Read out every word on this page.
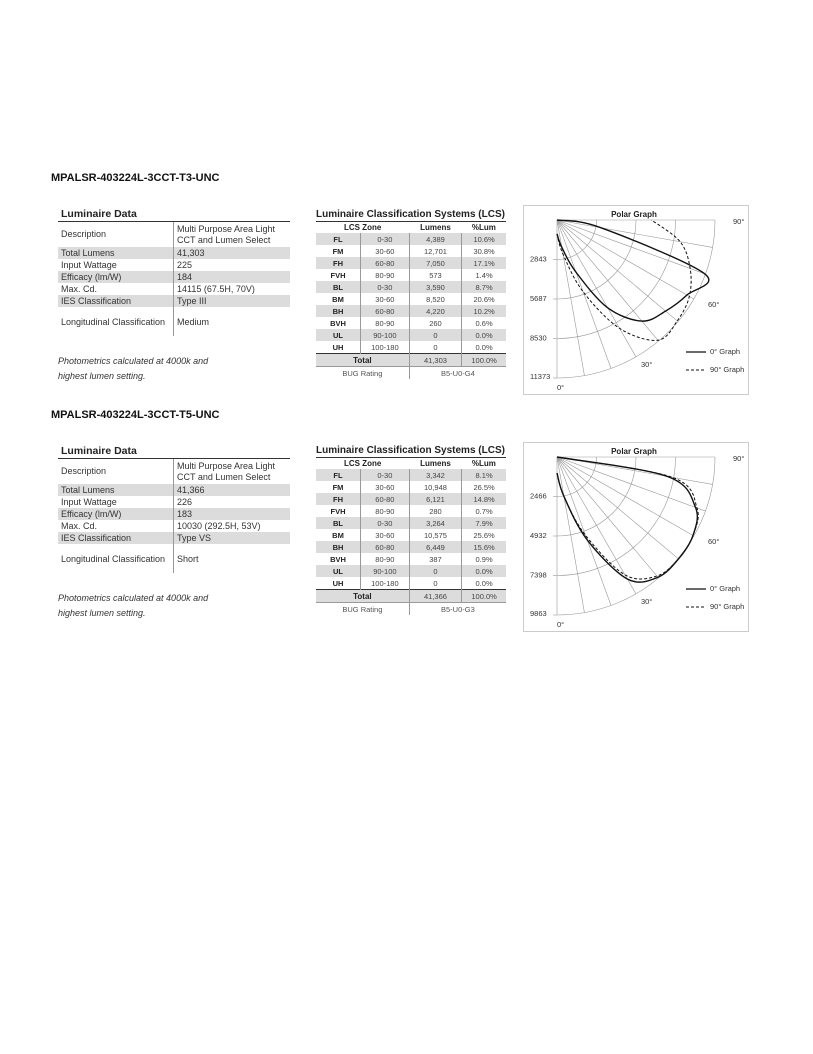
MPALSR-403224L-3CCT-T3-UNC
Luminaire Data
Description	Multi Purpose Area Light CCT and Lumen Select
Total Lumens	41,303
Input Wattage	225
Efficacy (lm/W)	184
Max. Cd.	14115 (67.5H, 70V)
IES Classification	Type III
Longitudinal Classification	Medium
Photometrics calculated at 4000k and
highest lumen setting.
Luminaire Classification Systems (LCS)
LCS Zone		Lumens	%Lum
FL	0-30	4,389	10.6%
FM	30-60	12,701	30.8%
FH	60-80	7,050	17.1%
FVH	80-90	573	1.4%
BL	0-30	3,590	8.7%
BM	30-60	8,520	20.6%
BH	60-80	4,220	10.2%
BVH	80-90	260	0.6%
UL	90-100	0	0.0%
UH	100-180	0	0.0%
Total		41,303	100.0%
BUG Rating		B5-U0-G4	
Polar Graph
2843
5687
8530
11373
0°
30°
60°
90°
0° Graph
90° Graph
MPALSR-403224L-3CCT-T5-UNC
Luminaire Data
Description	Multi Purpose Area Light CCT and Lumen Select
Total Lumens	41,366
Input Wattage	226
Efficacy (lm/W)	183
Max. Cd.	10030 (292.5H, 53V)
IES Classification	Type VS
Longitudinal Classification	Short
Photometrics calculated at 4000k and
highest lumen setting.
Luminaire Classification Systems (LCS)
LCS Zone		Lumens	%Lum
FL	0-30	3,342	8.1%
FM	30-60	10,948	26.5%
FH	60-80	6,121	14.8%
FVH	80-90	280	0.7%
BL	0-30	3,264	7.9%
BM	30-60	10,575	25.6%
BH	60-80	6,449	15.6%
BVH	80-90	387	0.9%
UL	90-100	0	0.0%
UH	100-180	0	0.0%
Total		41,366	100.0%
BUG Rating		B5-U0-G3	
Polar Graph
2466
4932
7398
9863
0°
30°
60°
90°
0° Graph
90° Graph
